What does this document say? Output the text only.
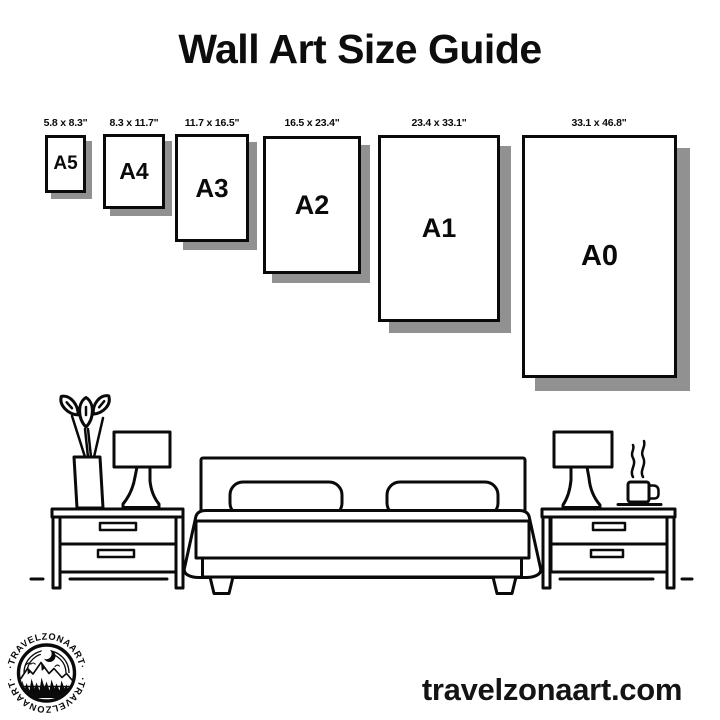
Wall Art Size Guide
5.8 x 8.3" 8.3 x 11.7"	11.7 x 16.5"	16.5 x 23.4"	23.4 x 33.1"	33.1 x 46.8"
A5 A4
A3
A2
A1
A0
·TRAVELZONAART·
·TRAVELZONAART·	travelzonaart.com
